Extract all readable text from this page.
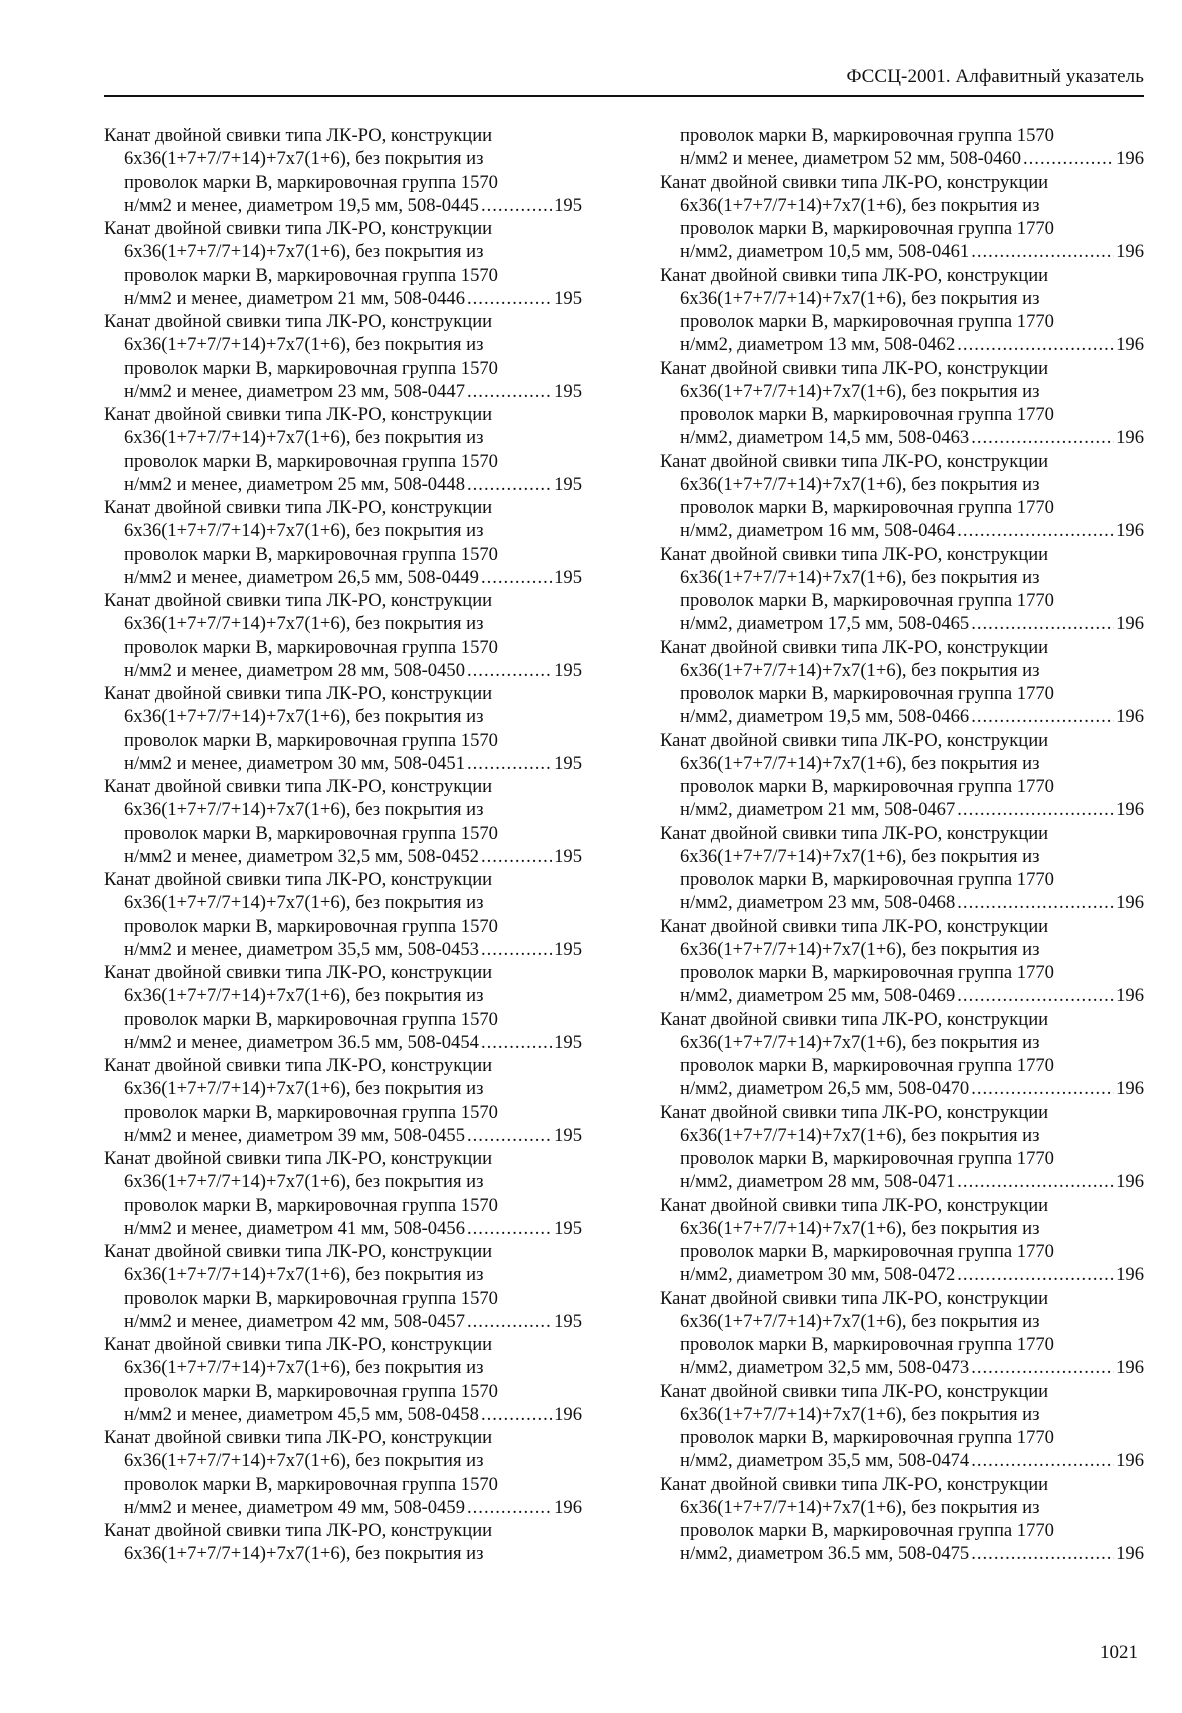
ФССЦ-2001. Алфавитный указатель
Канат двойной свивки типа ЛК-РО, конструкции
6х36(1+7+7/7+14)+7х7(1+6), без покрытия из
проволок марки В, маркировочная группа 1570
н/мм2 и менее, диаметром 19,5 мм, 508-0445 .....	195
Канат двойной свивки типа ЛК-РО, конструкции
6х36(1+7+7/7+14)+7х7(1+6), без покрытия из
проволок марки В, маркировочная группа 1570
н/мм2 и менее, диаметром 21 мм, 508-0446 .....	195
Канат двойной свивки типа ЛК-РО, конструкции
6х36(1+7+7/7+14)+7х7(1+6), без покрытия из
проволок марки В, маркировочная группа 1570
н/мм2 и менее, диаметром 23 мм, 508-0447 .....	195
Канат двойной свивки типа ЛК-РО, конструкции
6х36(1+7+7/7+14)+7х7(1+6), без покрытия из
проволок марки В, маркировочная группа 1570
н/мм2 и менее, диаметром 25 мм, 508-0448 .....	195
Канат двойной свивки типа ЛК-РО, конструкции
6х36(1+7+7/7+14)+7х7(1+6), без покрытия из
проволок марки В, маркировочная группа 1570
н/мм2 и менее, диаметром 26,5 мм, 508-0449 .....	195
Канат двойной свивки типа ЛК-РО, конструкции
6х36(1+7+7/7+14)+7х7(1+6), без покрытия из
проволок марки В, маркировочная группа 1570
н/мм2 и менее, диаметром 28 мм, 508-0450 .....	195
Канат двойной свивки типа ЛК-РО, конструкции
6х36(1+7+7/7+14)+7х7(1+6), без покрытия из
проволок марки В, маркировочная группа 1570
н/мм2 и менее, диаметром 30 мм, 508-0451 .....	195
Канат двойной свивки типа ЛК-РО, конструкции
6х36(1+7+7/7+14)+7х7(1+6), без покрытия из
проволок марки В, маркировочная группа 1570
н/мм2 и менее, диаметром 32,5 мм, 508-0452 .....	195
Канат двойной свивки типа ЛК-РО, конструкции
6х36(1+7+7/7+14)+7х7(1+6), без покрытия из
проволок марки В, маркировочная группа 1570
н/мм2 и менее, диаметром 35,5 мм, 508-0453 .....	195
Канат двойной свивки типа ЛК-РО, конструкции
6х36(1+7+7/7+14)+7х7(1+6), без покрытия из
проволок марки В, маркировочная группа 1570
н/мм2 и менее, диаметром 36.5 мм, 508-0454 .....	195
Канат двойной свивки типа ЛК-РО, конструкции
6х36(1+7+7/7+14)+7х7(1+6), без покрытия из
проволок марки В, маркировочная группа 1570
н/мм2 и менее, диаметром 39 мм, 508-0455 .....	195
Канат двойной свивки типа ЛК-РО, конструкции
6х36(1+7+7/7+14)+7х7(1+6), без покрытия из
проволок марки В, маркировочная группа 1570
н/мм2 и менее, диаметром 41 мм, 508-0456 .....	195
Канат двойной свивки типа ЛК-РО, конструкции
6х36(1+7+7/7+14)+7х7(1+6), без покрытия из
проволок марки В, маркировочная группа 1570
н/мм2 и менее, диаметром 42 мм, 508-0457 .....	195
Канат двойной свивки типа ЛК-РО, конструкции
6х36(1+7+7/7+14)+7х7(1+6), без покрытия из
проволок марки В, маркировочная группа 1570
н/мм2 и менее, диаметром 45,5 мм, 508-0458 .....	196
Канат двойной свивки типа ЛК-РО, конструкции
6х36(1+7+7/7+14)+7х7(1+6), без покрытия из
проволок марки В, маркировочная группа 1570
н/мм2 и менее, диаметром 49 мм, 508-0459 .....	196
Канат двойной свивки типа ЛК-РО, конструкции
6х36(1+7+7/7+14)+7х7(1+6), без покрытия из
проволок марки В, маркировочная группа 1570
н/мм2 и менее, диаметром 52 мм, 508-0460 .....	196
Канат двойной свивки типа ЛК-РО, конструкции
6х36(1+7+7/7+14)+7х7(1+6), без покрытия из
проволок марки В, маркировочная группа 1770
н/мм2, диаметром 10,5 мм, 508-0461 .....	196
Канат двойной свивки типа ЛК-РО, конструкции
6х36(1+7+7/7+14)+7х7(1+6), без покрытия из
проволок марки В, маркировочная группа 1770
н/мм2, диаметром 13 мм, 508-0462 .....	196
Канат двойной свивки типа ЛК-РО, конструкции
6х36(1+7+7/7+14)+7х7(1+6), без покрытия из
проволок марки В, маркировочная группа 1770
н/мм2, диаметром 14,5 мм, 508-0463 .....	196
Канат двойной свивки типа ЛК-РО, конструкции
6х36(1+7+7/7+14)+7х7(1+6), без покрытия из
проволок марки В, маркировочная группа 1770
н/мм2, диаметром 16 мм, 508-0464 .....	196
Канат двойной свивки типа ЛК-РО, конструкции
6х36(1+7+7/7+14)+7х7(1+6), без покрытия из
проволок марки В, маркировочная группа 1770
н/мм2, диаметром 17,5 мм, 508-0465 .....	196
Канат двойной свивки типа ЛК-РО, конструкции
6х36(1+7+7/7+14)+7х7(1+6), без покрытия из
проволок марки В, маркировочная группа 1770
н/мм2, диаметром 19,5 мм, 508-0466 .....	196
Канат двойной свивки типа ЛК-РО, конструкции
6х36(1+7+7/7+14)+7х7(1+6), без покрытия из
проволок марки В, маркировочная группа 1770
н/мм2, диаметром 21 мм, 508-0467 .....	196
Канат двойной свивки типа ЛК-РО, конструкции
6х36(1+7+7/7+14)+7х7(1+6), без покрытия из
проволок марки В, маркировочная группа 1770
н/мм2, диаметром 23 мм, 508-0468 .....	196
Канат двойной свивки типа ЛК-РО, конструкции
6х36(1+7+7/7+14)+7х7(1+6), без покрытия из
проволок марки В, маркировочная группа 1770
н/мм2, диаметром 25 мм, 508-0469 .....	196
Канат двойной свивки типа ЛК-РО, конструкции
6х36(1+7+7/7+14)+7х7(1+6), без покрытия из
проволок марки В, маркировочная группа 1770
н/мм2, диаметром 26,5 мм, 508-0470 .....	196
Канат двойной свивки типа ЛК-РО, конструкции
6х36(1+7+7/7+14)+7х7(1+6), без покрытия из
проволок марки В, маркировочная группа 1770
н/мм2, диаметром 28 мм, 508-0471 .....	196
Канат двойной свивки типа ЛК-РО, конструкции
6х36(1+7+7/7+14)+7х7(1+6), без покрытия из
проволок марки В, маркировочная группа 1770
н/мм2, диаметром 30 мм, 508-0472 .....	196
Канат двойной свивки типа ЛК-РО, конструкции
6х36(1+7+7/7+14)+7х7(1+6), без покрытия из
проволок марки В, маркировочная группа 1770
н/мм2, диаметром 32,5 мм, 508-0473 .....	196
Канат двойной свивки типа ЛК-РО, конструкции
6х36(1+7+7/7+14)+7х7(1+6), без покрытия из
проволок марки В, маркировочная группа 1770
н/мм2, диаметром 35,5 мм, 508-0474 .....	196
Канат двойной свивки типа ЛК-РО, конструкции
6х36(1+7+7/7+14)+7х7(1+6), без покрытия из
проволок марки В, маркировочная группа 1770
н/мм2, диаметром 36.5 мм, 508-0475 .....	196
1021
